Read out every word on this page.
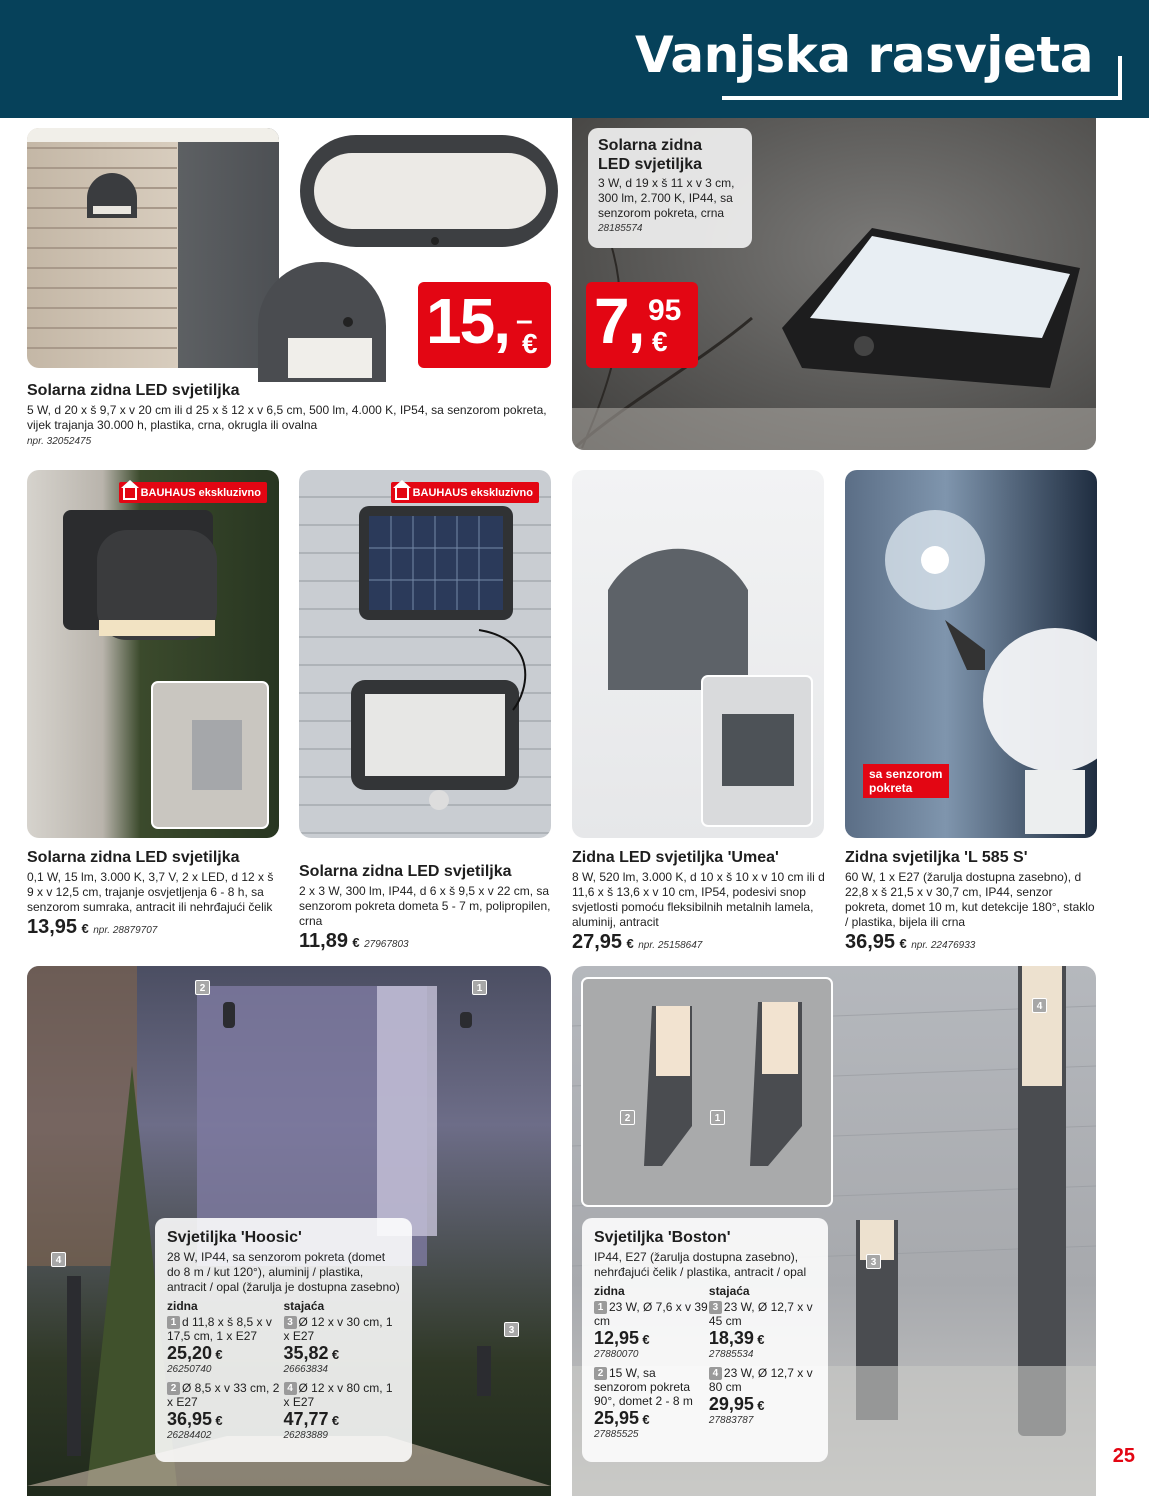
Vanjska rasvjeta
15, –
€
Solarna zidna LED svjetiljka
5 W, d 20 x š 9,7 x v 20 cm ili d 25 x š 12 x v 6,5 cm, 500 lm, 4.000 K, IP54, sa senzorom pokreta, vijek trajanja 30.000 h, plastika, crna, okrugla ili ovalna
npr. 32052475
Solarna zidna
LED svjetiljka
3 W, d 19 x š 11 x v 3 cm, 300 lm, 2.700 K, IP44, sa senzorom pokreta, crna
28185574
7, 95
€
BAUHAUS ekskluzivno
Solarna zidna LED svjetiljka
0,1 W, 15 lm, 3.000 K, 3,7 V, 2 x LED, d 12 x š 9 x v 12,5 cm, trajanje osvjetljenja 6 - 8 h, sa senzorom sumraka, antracit ili nehrđajući čelik
13,95 € npr. 28879707
BAUHAUS ekskluzivno
Solarna zidna LED svjetiljka
2 x 3 W, 300 lm, IP44, d 6 x š 9,5 x v 22 cm, sa senzorom pokreta dometa 5 - 7 m, polipropilen, crna
11,89 € 27967803
Zidna LED svjetiljka 'Umea'
8 W, 520 lm, 3.000 K, d 10 x š 10 x v 10 cm ili d 11,6 x š 13,6 x v 10 cm, IP54, podesivi snop svjetlosti pomoću fleksibilnih metalnih lamela, aluminij, antracit
27,95 € npr. 25158647
sa senzorom pokreta
Zidna svjetiljka 'L 585 S'
60 W, 1 x E27 (žarulja dostupna zasebno), d 22,8 x š 21,5 x v 30,7 cm, IP44, senzor pokreta, domet 10 m, kut detekcije 180°, staklo / plastika, bijela ili crna
36,95 € npr. 22476933
2	1
4
3
Svjetiljka 'Hoosic'
28 W, IP44, sa senzorom pokreta (domet do 8 m / kut 120°), aluminij / plastika, antracit / opal (žarulja je dostupna zasebno)
zidna
1 d 11,8 x š 8,5 x v 17,5 cm, 1 x E27
25,20 €
26250740
2 Ø 8,5 x v 33 cm, 2 x E27
36,95 €
26284402
stajaća
3 Ø 12 x v 30 cm, 1 x E27
35,82 €
26663834
4 Ø 12 x v 80 cm, 1 x E27
47,77 €
26283889
2	1
4
3
Svjetiljka 'Boston'
IP44, E27 (žarulja dostupna zasebno), nehrđajući čelik / plastika, antracit / opal
zidna
1 23 W, Ø 7,6 x v 39 cm
12,95 €
27880070
2 15 W, sa senzorom pokreta 90°, domet 2 - 8 m
25,95 €
27885525
stajaća
3 23 W, Ø 12,7 x v 45 cm
18,39 €
27885534
4 23 W, Ø 12,7 x v 80 cm
29,95 €
27883787
25
